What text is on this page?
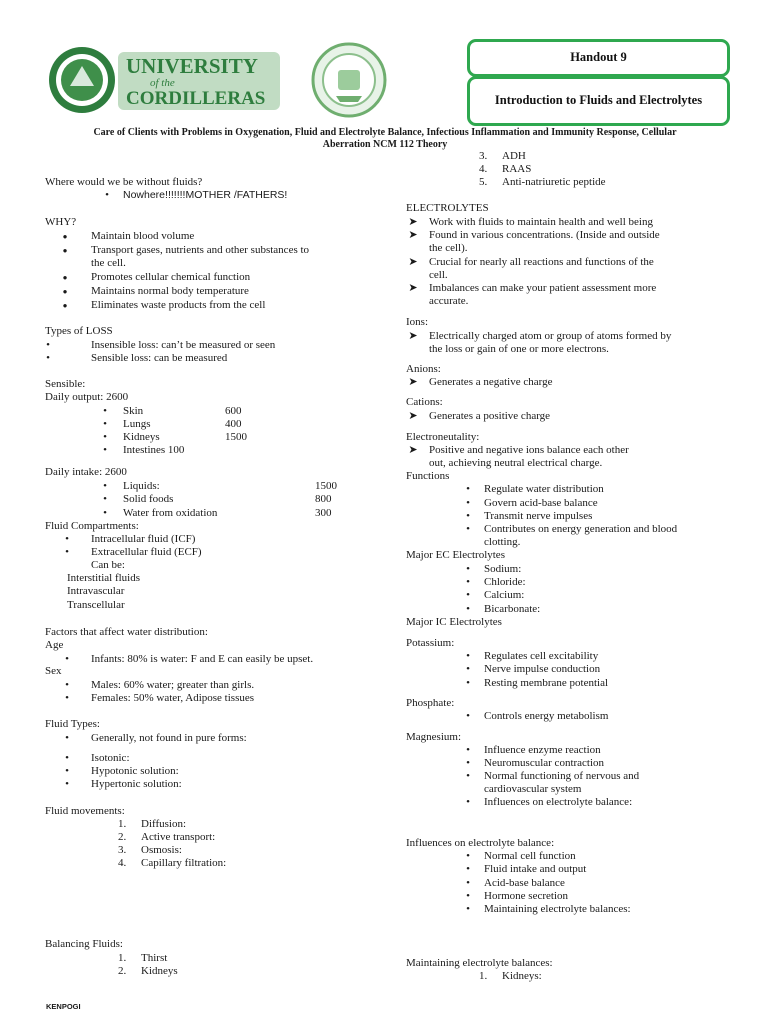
UNIVERSITY
of the
CORDILLERAS
Handout 9
Introduction to Fluids and Electrolytes
Care of Clients with Problems in Oxygenation, Fluid and Electrolyte Balance, Infectious Inflammation and Immunity Response, Cellular
Aberration NCM 112 Theory
Where would we be without fluids?
•	Nowhere!!!!!!!MOTHER /FATHERS!
WHY?
●	Maintain blood volume
●	Transport gases, nutrients and other substances to
the cell.
●	Promotes cellular chemical function
●	Maintains normal body temperature
●	Eliminates waste products from the cell
Types of LOSS
•	Insensible loss: can’t be measured or seen
•	Sensible loss: can be measured
Sensible:
Daily output: 2600
•	Skin	600
•	Lungs	400
•	Kidneys	1500
•	Intestines 100
Daily intake: 2600
•	Liquids:	1500
•	Solid foods	800
•	Water from oxidation	300
Fluid Compartments:
•	Intracellular fluid (ICF)
•	Extracellular fluid (ECF)
Can be:
Interstitial fluids
Intravascular
Transcellular
Factors that affect water distribution:
Age
•	Infants: 80% is water: F and E can easily be upset.
Sex
•	Males: 60% water; greater than girls.
•	Females: 50% water, Adipose tissues
Fluid Types:
•	Generally, not found in pure forms:
•	Isotonic:
•	Hypotonic solution:
•	Hypertonic solution:
Fluid movements:
1. Diffusion:
2. Active transport:
3. Osmosis:
4. Capillary filtration:
Balancing Fluids:
1. Thirst
2. Kidneys
3. ADH
4. RAAS
5. Anti-natriuretic peptide
ELECTROLYTES
➤ Work with fluids to maintain health and well being
➤ Found in various concentrations. (Inside and outside
the cell).
➤ Crucial for nearly all reactions and functions of the
cell.
➤ Imbalances can make your patient assessment more
accurate.
Ions:
➤ Electrically charged atom or group of atoms formed by
the loss or gain of one or more electrons.
Anions:
➤ Generates a negative charge
Cations:
➤ Generates a positive charge
Electroneutality:
➤ Positive and negative ions balance each other
out, achieving neutral electrical charge.
Functions
•	Regulate water distribution
•	Govern acid-base balance
•	Transmit nerve impulses
•	Contributes on energy generation and blood
clotting.
Major EC Electrolytes
•	Sodium:
•	Chloride:
•	Calcium:
•	Bicarbonate:
Major IC Electrolytes
Potassium:
•	Regulates cell excitability
•	Nerve impulse conduction
•	Resting membrane potential
Phosphate:
•	Controls energy metabolism
Magnesium:
•	Influence enzyme reaction
•	Neuromuscular contraction
•	Normal functioning of nervous and
cardiovascular system
•	Influences on electrolyte balance:
Influences on electrolyte balance:
•	Normal cell function
•	Fluid intake and output
•	Acid-base balance
•	Hormone secretion
•	Maintaining electrolyte balances:
Maintaining electrolyte balances:
1. Kidneys:
KENPOGI
